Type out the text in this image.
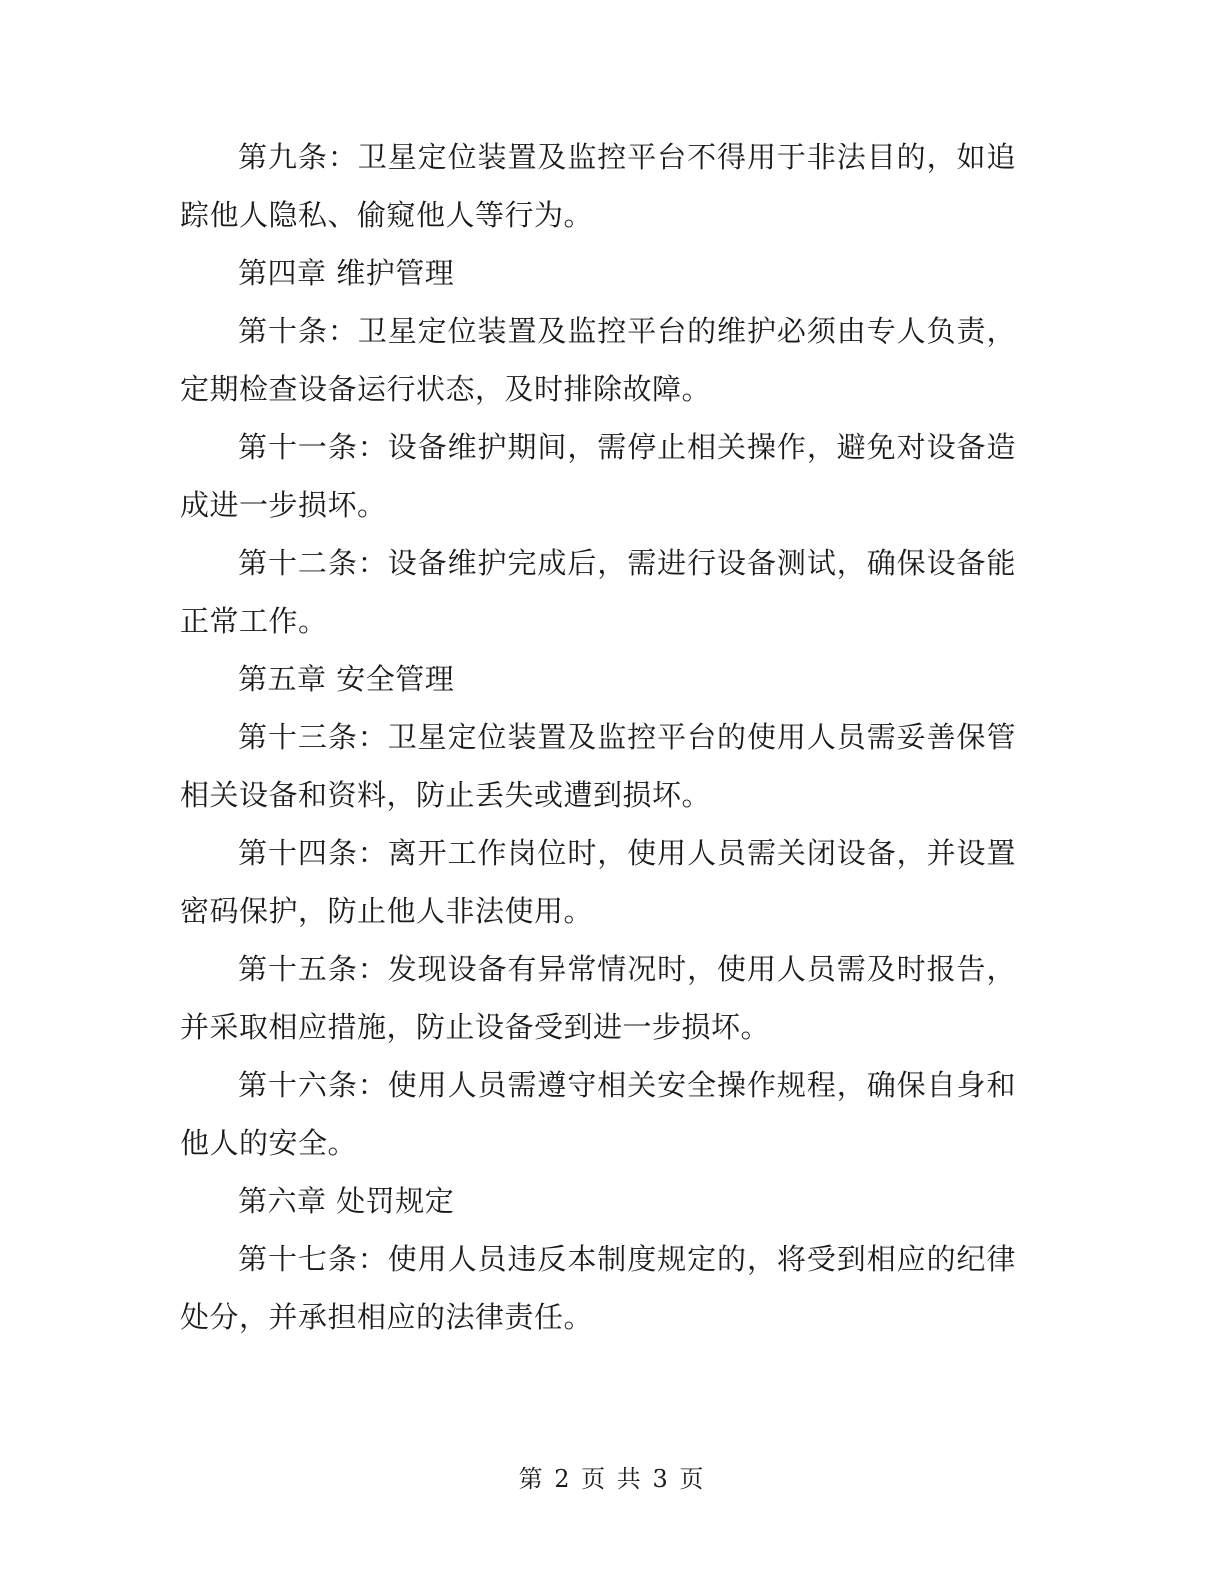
第九条：卫星定位装置及监控平台不得用于非法目的，如追踪他人隐私、偷窥他人等行为。

第四章 维护管理

第十条：卫星定位装置及监控平台的维护必须由专人负责，定期检查设备运行状态，及时排除故障。

第十一条：设备维护期间，需停止相关操作，避免对设备造成进一步损坏。

第十二条：设备维护完成后，需进行设备测试，确保设备能正常工作。

第五章 安全管理

第十三条：卫星定位装置及监控平台的使用人员需妥善保管相关设备和资料，防止丢失或遭到损坏。

第十四条：离开工作岗位时，使用人员需关闭设备，并设置密码保护，防止他人非法使用。

第十五条：发现设备有异常情况时，使用人员需及时报告，并采取相应措施，防止设备受到进一步损坏。

第十六条：使用人员需遵守相关安全操作规程，确保自身和他人的安全。

第六章 处罚规定

第十七条：使用人员违反本制度规定的，将受到相应的纪律处分，并承担相应的法律责任。

第 2 页 共 3 页
